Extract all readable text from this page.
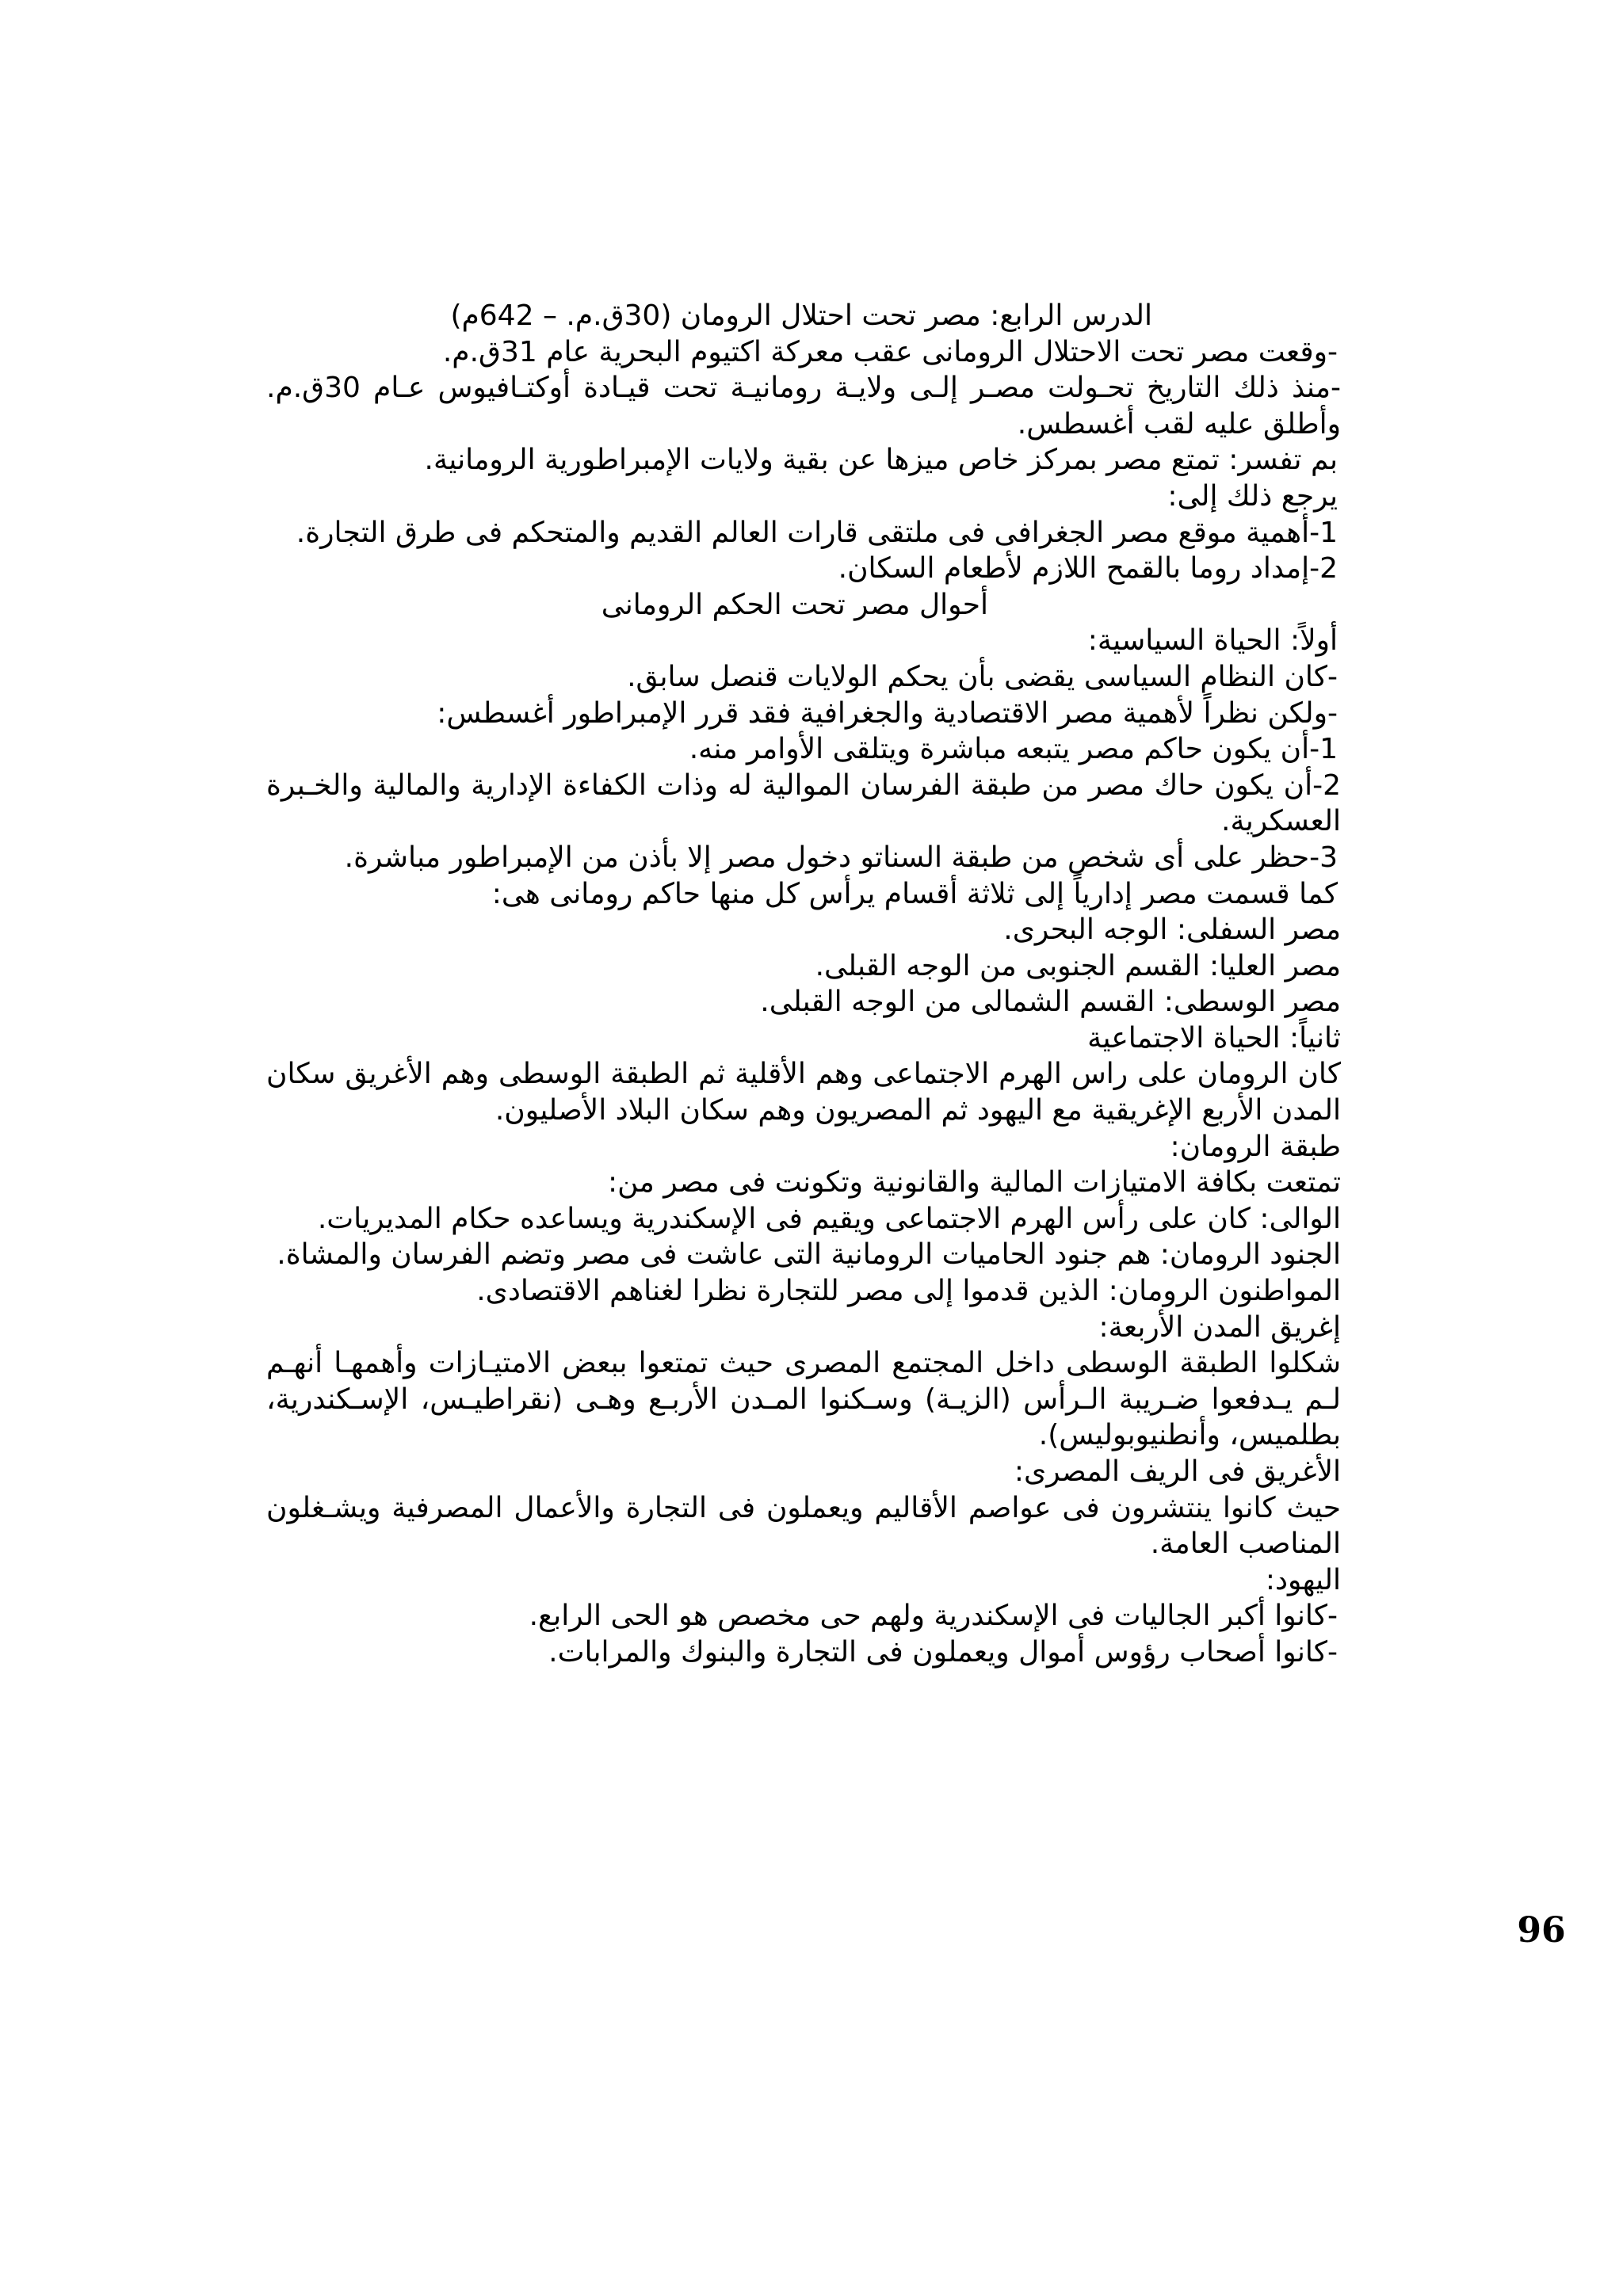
الدرس الرابع: مصر تحت احتلال الرومان (30ق.م. – 642م)
-وقعت مصر تحت الاحتلال الرومانى عقب معركة اكتيوم البحرية عام 31ق.م.
-منذ ذلك التاريخ تحـولت مصـر إلـى ولايـة رومانيـة تحت قيـادة أوكتـافيوس عـام 30ق.م.
وأطلق عليه لقب أغسطس.
بم تفسر: تمتع مصر بمركز خاص ميزها عن بقية ولايات الإمبراطورية الرومانية.
يرجع ذلك إلى:
1-أهمية موقع مصر الجغرافى فى ملتقى قارات العالم القديم والمتحكم فى طرق التجارة.
2-إمداد روما بالقمح اللازم لأطعام السكان.
أحوال مصر تحت الحكم الرومانى
أولاً: الحياة السياسية:
-كان النظام السياسى يقضى بأن يحكم الولايات قنصل سابق.
-ولكن نظراً لأهمية مصر الاقتصادية والجغرافية فقد قرر الإمبراطور أغسطس:
1-أن يكون حاكم مصر يتبعه مباشرة ويتلقى الأوامر منه.
2-أن يكون حاك مصر من طبقة الفرسان الموالية له وذات الكفاءة الإدارية والمالية والخـبرة
العسكرية.
3-حظر على أى شخص من طبقة السناتو دخول مصر إلا بأذن من الإمبراطور مباشرة.
كما قسمت مصر إدارياً إلى ثلاثة أقسام يرأس كل منها حاكم رومانى هى:
مصر السفلى: الوجه البحرى.
مصر العليا: القسم الجنوبى من الوجه القبلى.
مصر الوسطى: القسم الشمالى من الوجه القبلى.
ثانياً: الحياة الاجتماعية
كان الرومان على راس الهرم الاجتماعى وهم الأقلية ثم الطبقة الوسطى وهم الأغريق سكان
المدن الأربع الإغريقية مع اليهود ثم المصريون وهم سكان البلاد الأصليون.
طبقة الرومان:
تمتعت بكافة الامتيازات المالية والقانونية وتكونت فى مصر من:
الوالى: كان على رأس الهرم الاجتماعى ويقيم فى الإسكندرية ويساعده حكام المديريات.
الجنود الرومان: هم جنود الحاميات الرومانية التى عاشت فى مصر وتضم الفرسان والمشاة.
المواطنون الرومان: الذين قدموا إلى مصر للتجارة نظرا لغناهم الاقتصادى.
إغريق المدن الأربعة:
شكلوا الطبقة الوسطى داخل المجتمع المصرى حيث تمتعوا ببعض الامتيـازات وأهمهـا أنهـم
لـم يـدفعوا ضـريبة الـرأس (الزيـة) وسـكنوا المـدن الأربـع وهـى (نقراطيـس، الإسـكندرية،
بطلميس، وأنطنيوبوليس).
الأغريق فى الريف المصرى:
حيث كانوا ينتشرون فى عواصم الأقاليم ويعملون فى التجارة والأعمال المصرفية ويشـغلون
المناصب العامة.
اليهود:
-كانوا أكبر الجاليات فى الإسكندرية ولهم حى مخصص هو الحى الرابع.
-كانوا أصحاب رؤوس أموال ويعملون فى التجارة والبنوك والمرابات.
96
